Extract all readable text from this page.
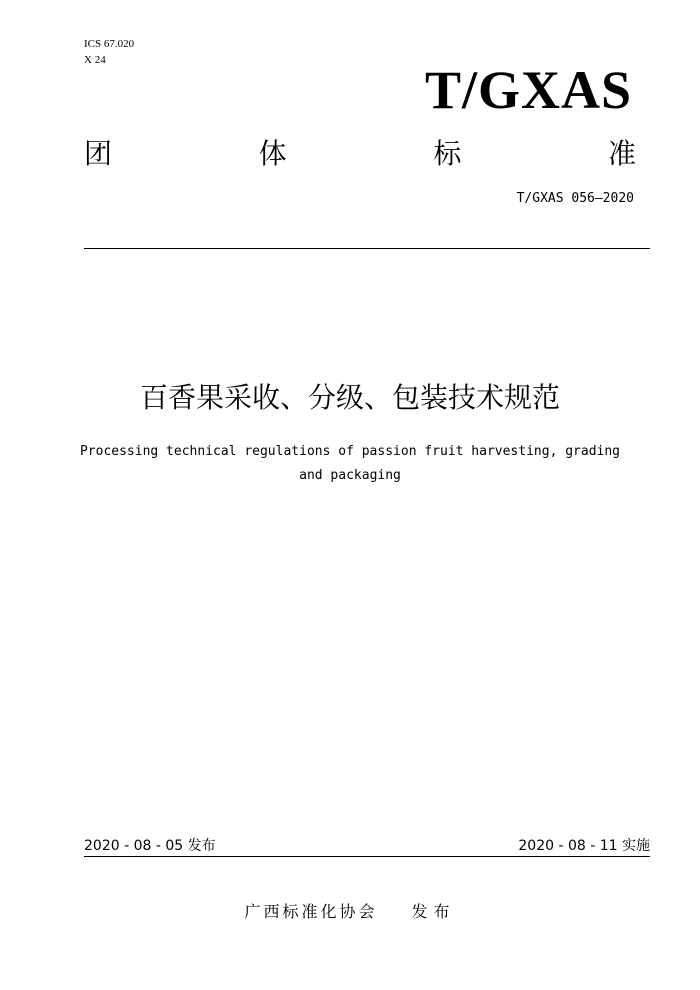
ICS 67.020
X 24	T/GXAS
团	体	标	准
T/GXAS 056—2020
百香果采收、分级、包装技术规范
Processing technical regulations of passion fruit harvesting, grading
and packaging
2020 - 08 - 05 发布	2020 - 08 - 11 实施
广西标准化协会 发布
